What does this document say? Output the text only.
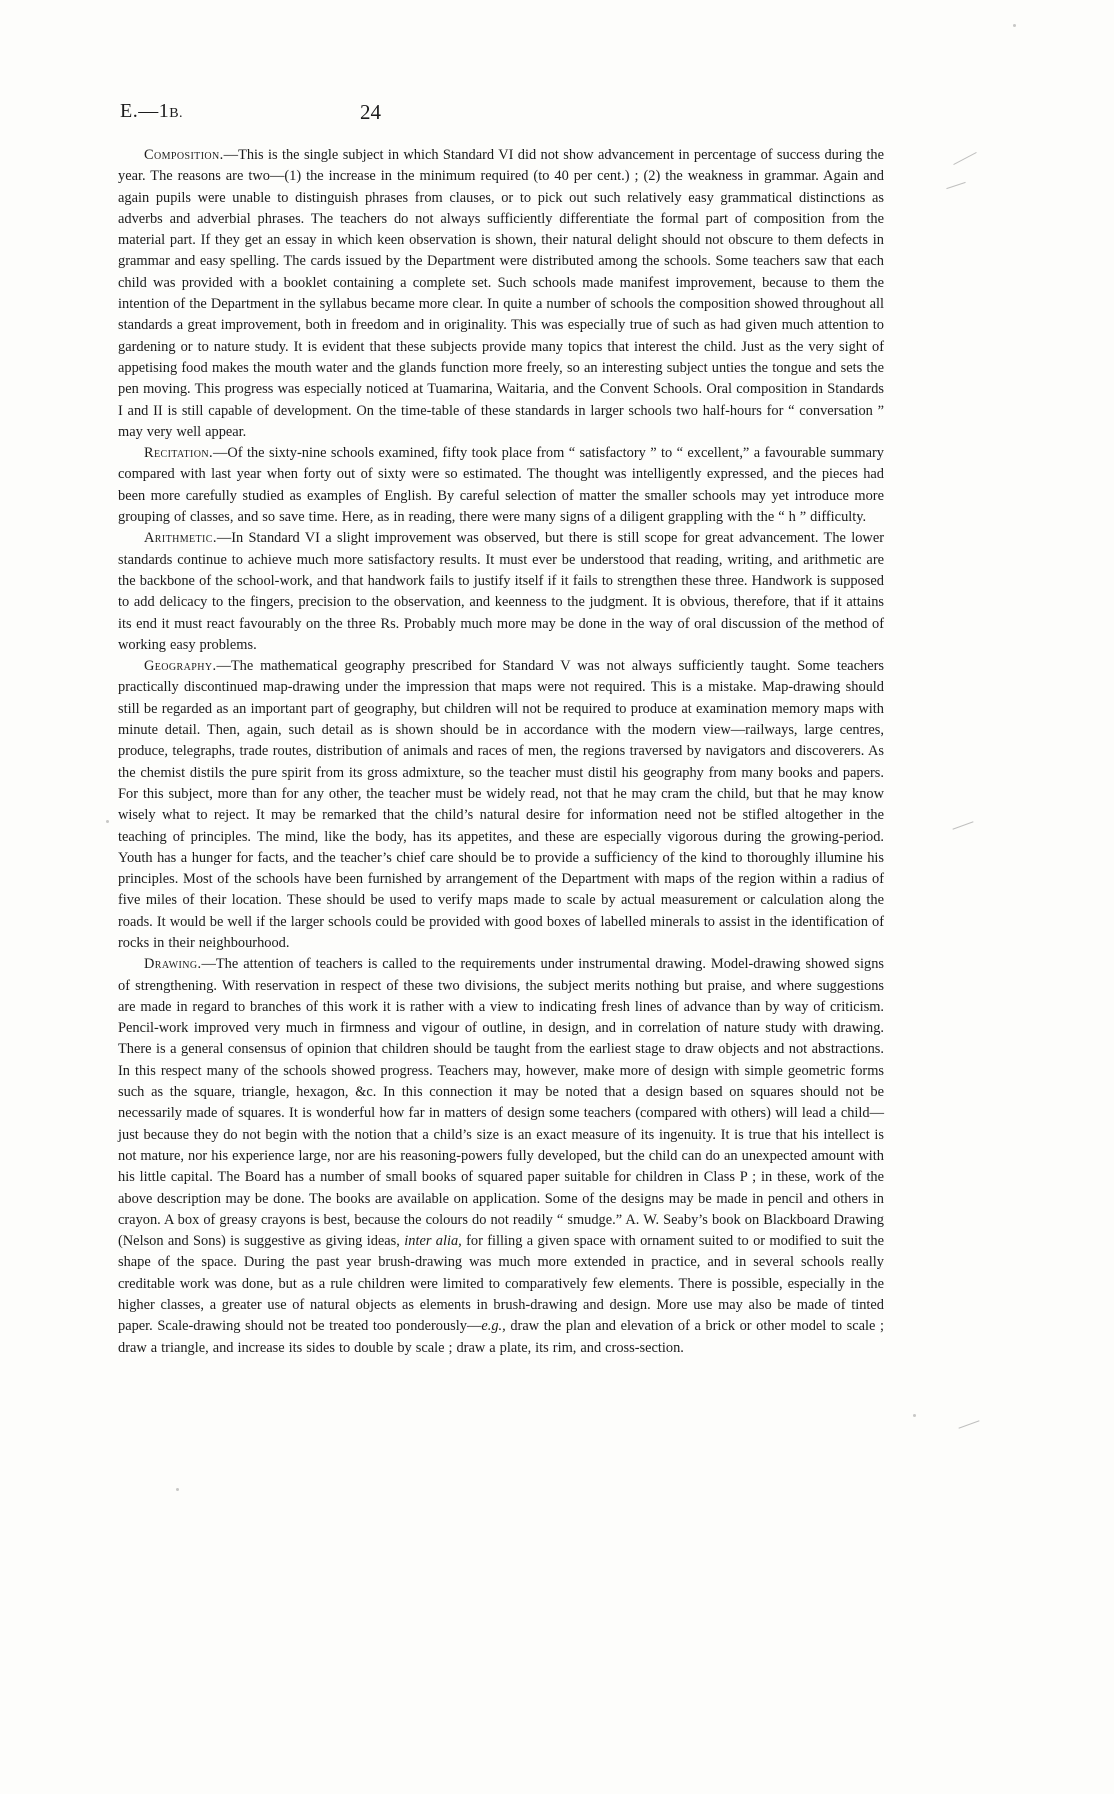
E.—1B.	24

Composition.—This is the single subject in which Standard VI did not show advancement in percentage of success during the year. The reasons are two—(1) the increase in the minimum required (to 40 per cent.) ; (2) the weakness in grammar. Again and again pupils were unable to distinguish phrases from clauses, or to pick out such relatively easy grammatical distinctions as adverbs and adverbial phrases. The teachers do not always sufficiently differentiate the formal part of composition from the material part. If they get an essay in which keen observation is shown, their natural delight should not obscure to them defects in grammar and easy spelling. The cards issued by the Department were distributed among the schools. Some teachers saw that each child was provided with a booklet containing a complete set. Such schools made manifest improvement, because to them the intention of the Department in the syllabus became more clear. In quite a number of schools the composition showed throughout all standards a great improvement, both in freedom and in originality. This was especially true of such as had given much attention to gardening or to nature study. It is evident that these subjects provide many topics that interest the child. Just as the very sight of appetising food makes the mouth water and the glands function more freely, so an interesting subject unties the tongue and sets the pen moving. This progress was especially noticed at Tuamarina, Waitaria, and the Convent Schools. Oral composition in Standards I and II is still capable of development. On the time-table of these standards in larger schools two half-hours for “ conversation ” may very well appear.

Recitation.—Of the sixty-nine schools examined, fifty took place from “ satisfactory ” to “ excellent,” a favourable summary compared with last year when forty out of sixty were so estimated. The thought was intelligently expressed, and the pieces had been more carefully studied as examples of English. By careful selection of matter the smaller schools may yet introduce more grouping of classes, and so save time. Here, as in reading, there were many signs of a diligent grappling with the “ h ” difficulty.

Arithmetic.—In Standard VI a slight improvement was observed, but there is still scope for great advancement. The lower standards continue to achieve much more satisfactory results. It must ever be understood that reading, writing, and arithmetic are the backbone of the school-work, and that handwork fails to justify itself if it fails to strengthen these three. Handwork is supposed to add delicacy to the fingers, precision to the observation, and keenness to the judgment. It is obvious, therefore, that if it attains its end it must react favourably on the three Rs. Probably much more may be done in the way of oral discussion of the method of working easy problems.

Geography.—The mathematical geography prescribed for Standard V was not always sufficiently taught. Some teachers practically discontinued map-drawing under the impression that maps were not required. This is a mistake. Map-drawing should still be regarded as an important part of geography, but children will not be required to produce at examination memory maps with minute detail. Then, again, such detail as is shown should be in accordance with the modern view—railways, large centres, produce, telegraphs, trade routes, distribution of animals and races of men, the regions traversed by navigators and discoverers. As the chemist distils the pure spirit from its gross admixture, so the teacher must distil his geography from many books and papers. For this subject, more than for any other, the teacher must be widely read, not that he may cram the child, but that he may know wisely what to reject. It may be remarked that the child’s natural desire for information need not be stifled altogether in the teaching of principles. The mind, like the body, has its appetites, and these are especially vigorous during the growing-period. Youth has a hunger for facts, and the teacher’s chief care should be to provide a sufficiency of the kind to thoroughly illumine his principles. Most of the schools have been furnished by arrangement of the Department with maps of the region within a radius of five miles of their location. These should be used to verify maps made to scale by actual measurement or calculation along the roads. It would be well if the larger schools could be provided with good boxes of labelled minerals to assist in the identification of rocks in their neighbourhood.

Drawing.—The attention of teachers is called to the requirements under instrumental drawing. Model-drawing showed signs of strengthening. With reservation in respect of these two divisions, the subject merits nothing but praise, and where suggestions are made in regard to branches of this work it is rather with a view to indicating fresh lines of advance than by way of criticism. Pencil-work improved very much in firmness and vigour of outline, in design, and in correlation of nature study with drawing. There is a general consensus of opinion that children should be taught from the earliest stage to draw objects and not abstractions. In this respect many of the schools showed progress. Teachers may, however, make more of design with simple geometric forms such as the square, triangle, hexagon, &c. In this connection it may be noted that a design based on squares should not be necessarily made of squares. It is wonderful how far in matters of design some teachers (compared with others) will lead a child—just because they do not begin with the notion that a child’s size is an exact measure of its ingenuity. It is true that his intellect is not mature, nor his experience large, nor are his reasoning-powers fully developed, but the child can do an unexpected amount with his little capital. The Board has a number of small books of squared paper suitable for children in Class P ; in these, work of the above description may be done. The books are available on application. Some of the designs may be made in pencil and others in crayon. A box of greasy crayons is best, because the colours do not readily “ smudge.” A. W. Seaby’s book on Blackboard Drawing (Nelson and Sons) is suggestive as giving ideas, inter alia, for filling a given space with ornament suited to or modified to suit the shape of the space. During the past year brush-drawing was much more extended in practice, and in several schools really creditable work was done, but as a rule children were limited to comparatively few elements. There is possible, especially in the higher classes, a greater use of natural objects as elements in brush-drawing and design. More use may also be made of tinted paper. Scale-drawing should not be treated too ponderously—e.g., draw the plan and elevation of a brick or other model to scale ; draw a triangle, and increase its sides to double by scale ; draw a plate, its rim, and cross-section.
